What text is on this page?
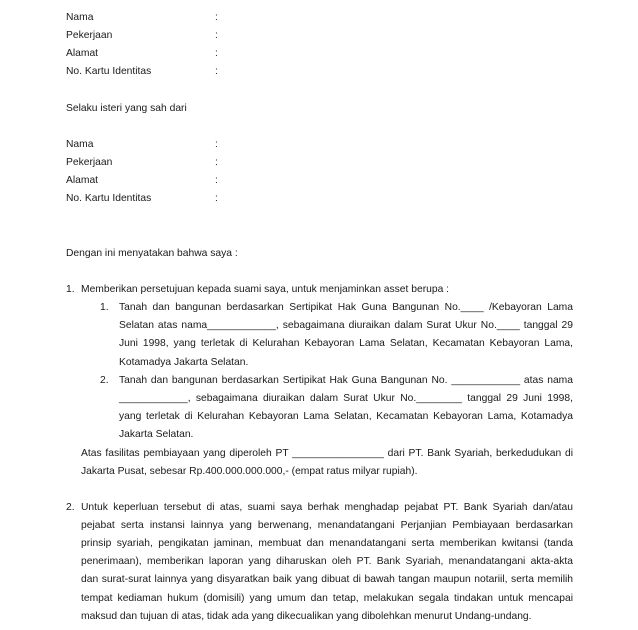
Nama	:
Pekerjaan	:
Alamat	:
No. Kartu Identitas	:
Selaku isteri yang sah dari
Nama	:
Pekerjaan	:
Alamat	:
No. Kartu Identitas	:
Dengan ini menyatakan bahwa saya :
1. Memberikan persetujuan kepada suami saya, untuk menjaminkan asset berupa :
1. Tanah dan bangunan berdasarkan Sertipikat Hak Guna Bangunan No.____ /Kebayoran Lama
Selatan atas nama____________, sebagaimana diuraikan dalam Surat Ukur No.____ tanggal 29
Juni 1998, yang terletak di Kelurahan Kebayoran Lama Selatan, Kecamatan Kebayoran Lama,
Kotamadya Jakarta Selatan.
2. Tanah dan bangunan berdasarkan Sertipikat Hak Guna Bangunan No. ____________ atas nama
____________, sebagaimana diuraikan dalam Surat Ukur No.________ tanggal 29 Juni 1998,
yang terletak di Kelurahan Kebayoran Lama Selatan, Kecamatan Kebayoran Lama, Kotamadya
Jakarta Selatan.
Atas fasilitas pembiayaan yang diperoleh PT ________________ dari PT. Bank Syariah, berkedudukan di
Jakarta Pusat, sebesar Rp.400.000.000.000,- (empat ratus milyar rupiah).
2. Untuk keperluan tersebut di atas, suami saya berhak menghadap pejabat PT. Bank Syariah dan/atau
pejabat serta instansi lainnya yang berwenang, menandatangani Perjanjian Pembiayaan berdasarkan
prinsip syariah, pengikatan jaminan, membuat dan menandatangani serta memberikan kwitansi (tanda
penerimaan), memberikan laporan yang diharuskan oleh PT. Bank Syariah, menandatangani akta-akta
dan surat-surat lainnya yang disyaratkan baik yang dibuat di bawah tangan maupun notariil, serta memilih
tempat kediaman hukum (domisili) yang umum dan tetap, melakukan segala tindakan untuk mencapai
maksud dan tujuan di atas, tidak ada yang dikecualikan yang dibolehkan menurut Undang-undang.
